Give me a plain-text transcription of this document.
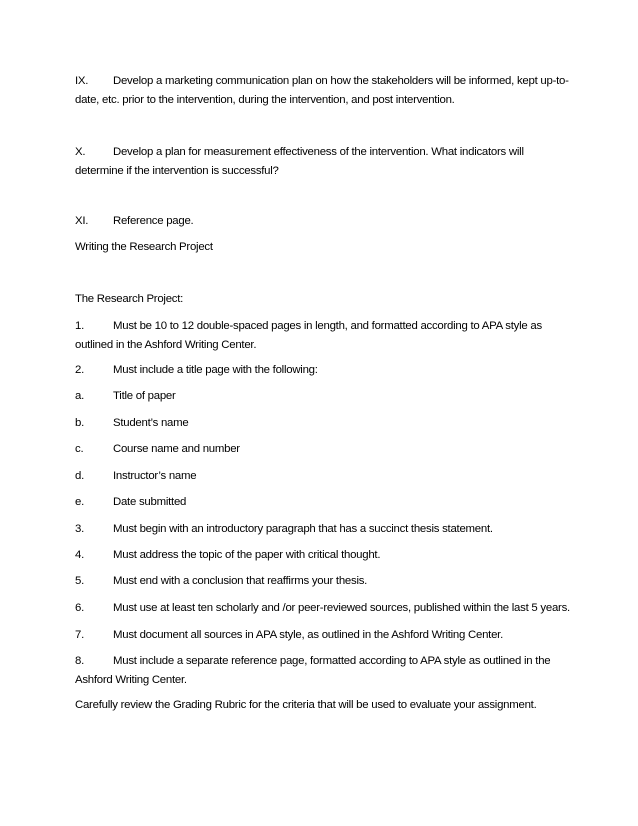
IX. Develop a marketing communication plan on how the stakeholders will be informed, kept up-to-
date, etc. prior to the intervention, during the intervention, and post intervention.
X. Develop a plan for measurement effectiveness of the intervention. What indicators will
determine if the intervention is successful?
XI. Reference page.
Writing the Research Project
The Research Project:
1.	Must be 10 to 12 double-spaced pages in length, and formatted according to APA style as
outlined in the Ashford Writing Center.
2.	Must include a title page with the following:
a.	Title of paper
b.	Student’s name
c.	Course name and number
d.	Instructor’s name
e.	Date submitted
3.	Must begin with an introductory paragraph that has a succinct thesis statement.
4.	Must address the topic of the paper with critical thought.
5.	Must end with a conclusion that reaffirms your thesis.
6.	Must use at least ten scholarly and /or peer-reviewed sources, published within the last 5 years.
7.	Must document all sources in APA style, as outlined in the Ashford Writing Center.
8.	Must include a separate reference page, formatted according to APA style as outlined in the
Ashford Writing Center.
Carefully review the Grading Rubric for the criteria that will be used to evaluate your assignment.
